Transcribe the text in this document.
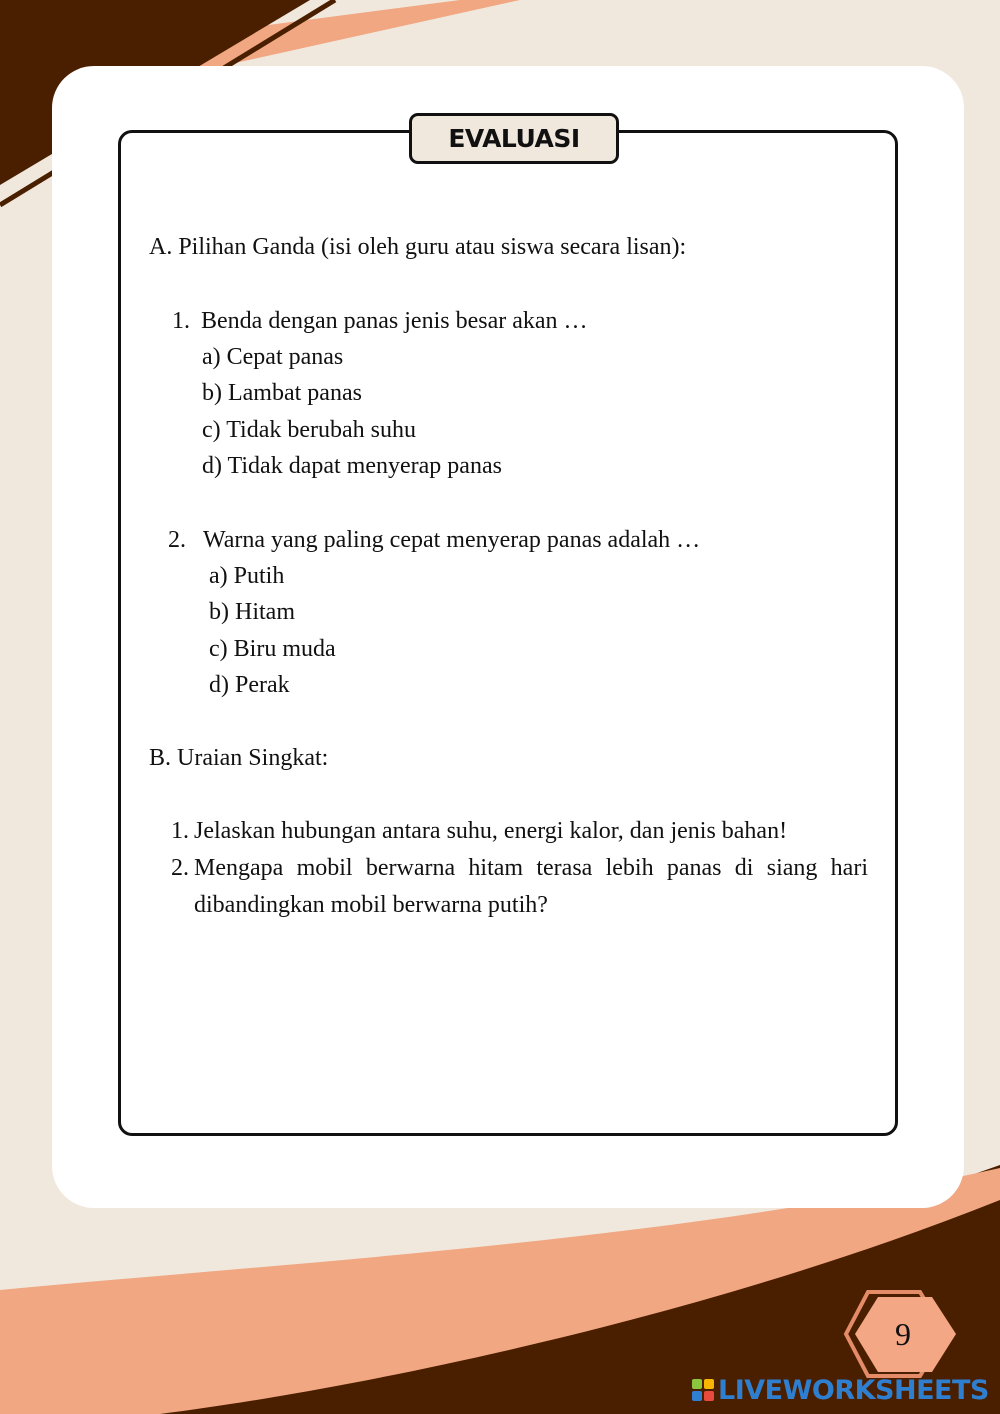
EVALUASI
A. Pilihan Ganda (isi oleh guru atau siswa secara lisan):
1. Benda dengan panas jenis besar akan …
a) Cepat panas
b) Lambat panas
c) Tidak berubah suhu
d) Tidak dapat menyerap panas
2. Warna yang paling cepat menyerap panas adalah …
a) Putih
b) Hitam
c) Biru muda
d) Perak
B. Uraian Singkat:
1. Jelaskan hubungan antara suhu, energi kalor, dan jenis bahan!
2. Mengapa mobil berwarna hitam terasa lebih panas di siang hari dibandingkan mobil berwarna putih?
9
LIVEWORKSHEETS
